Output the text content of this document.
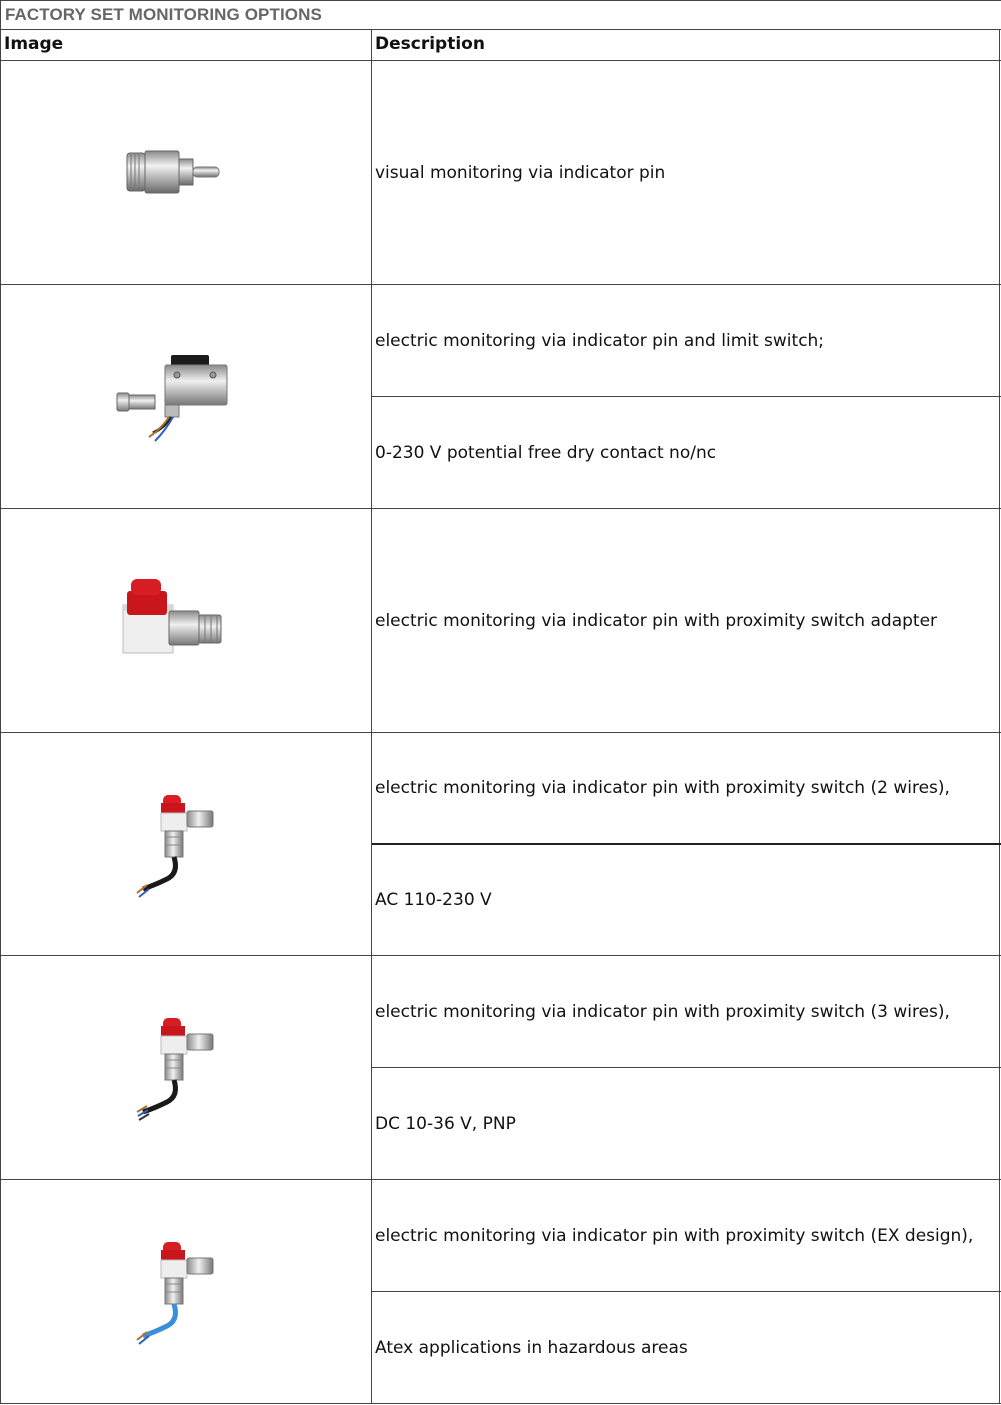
FACTORY SET MONITORING OPTIONS
Image	Description
visual monitoring via indicator pin
electric monitoring via indicator pin and limit switch;
0-230 V potential free dry contact no/nc
electric monitoring via indicator pin with proximity switch adapter
electric monitoring via indicator pin with proximity switch (2 wires),
AC 110-230 V
electric monitoring via indicator pin with proximity switch (3 wires),
DC 10-36 V, PNP
electric monitoring via indicator pin with proximity switch (EX design),
Atex applications in hazardous areas
